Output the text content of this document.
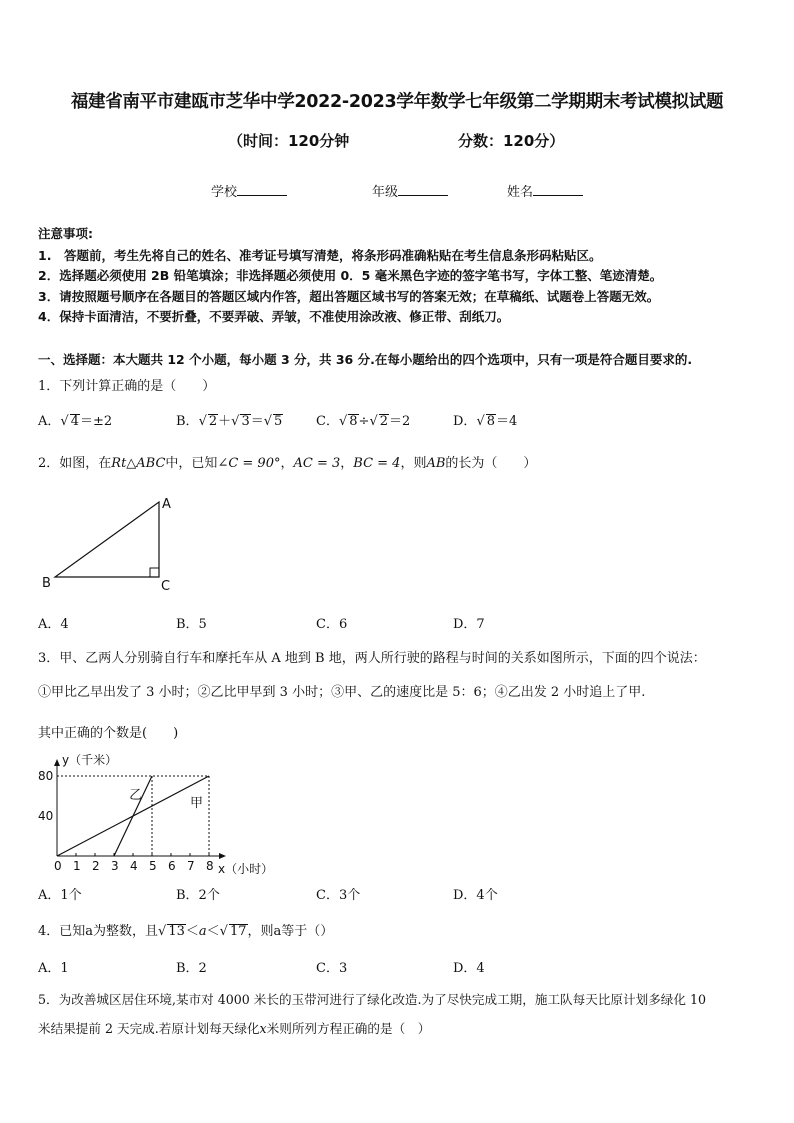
福建省南平市建瓯市芝华中学2022-2023学年数学七年级第二学期期末考试模拟试题
（时间：120分钟	分数：120分）
学校	年级	姓名
注意事项:
1.　答题前，考生先将自己的姓名、准考证号填写清楚，将条形码准确粘贴在考生信息条形码粘贴区。
2．选择题必须使用 2B 铅笔填涂；非选择题必须使用 0．5 毫米黑色字迹的签字笔书写，字体工整、笔迹清楚。
3．请按照题号顺序在各题目的答题区域内作答，超出答题区域书写的答案无效；在草稿纸、试题卷上答题无效。
4．保持卡面清洁，不要折叠，不要弄破、弄皱，不准使用涂改液、修正带、刮纸刀。
一、选择题：本大题共 12 个小题，每小题 3 分，共 36 分.在每小题给出的四个选项中，只有一项是符合题目要求的.
1．下列计算正确的是（　　）
A．√ 4＝±2	B．√ 2＋√ 3＝√ 5	C．√ 8÷√ 2＝2	D．√ 8＝4
2．如图，在Rt△ABC中，已知∠C = 90°，AC = 3，BC = 4，则AB的长为（　　）
A
B	C
A．4	B．5	C．6	D．7
3．甲、乙两人分别骑自行车和摩托车从 A 地到 B 地，两人所行驶的路程与时间的关系如图所示，下面的四个说法：
①甲比乙早出发了 3 小时；②乙比甲早到 3 小时；③甲、乙的速度比是 5：6；④乙出发 2 小时追上了甲.
其中正确的个数是(　　)
y（千米）
x（小时）
0 1 2 3 4 5 6 7 8
40
80
乙
甲
A．1个	B．2个	C．3个	D．4个
4．已知a为整数，且√ 13＜a＜√ 17，则a等于（）
A．1	B．2	C．3	D．4
5．为改善城区居住环境,某市对 4000 米长的玉带河进行了绿化改造.为了尽快完成工期，施工队每天比原计划多绿化 10
米结果提前 2 天完成.若原计划每天绿化x米则所列方程正确的是（　）
